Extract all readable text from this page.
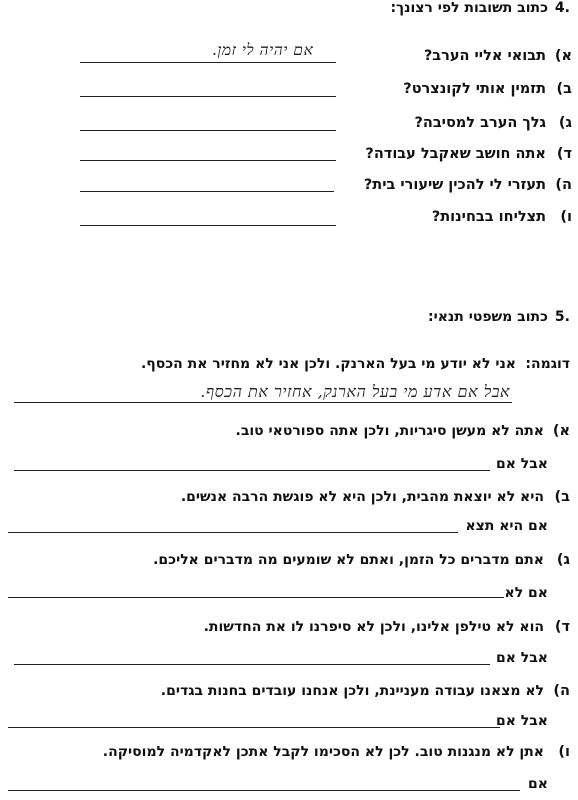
.4
כתוב תשובות לפי רצונך:
א)
תבואי אליי הערב?
אם יהיה לי זמן.
ב)
תזמין אותי לקונצרט?
ג)
גלך הערב למסיבה?
ד)
אתה חושב שאקבל עבודה?
ה)
תעזרי לי להכין שיעורי בית?
ו)
תצליחו בבחינות?
.5
כתוב משפטי תנאי:
דוגמה:
אני לא יודע מי בעל הארנק. ולכן אני לא מחזיר את הכסף.
אבל אם אדע מי בעל הארנק, אחזיר את הכסף.
א)
אתה לא מעשן סיגריות, ולכן אתה ספורטאי טוב.
אבל אם
ב)
היא לא יוצאת מהבית, ולכן היא לא פוגשת הרבה אנשים.
אם היא תצא
ג)
אתם מדברים כל הזמן, ואתם לא שומעים מה מדברים אליכם.
אם לא
ד)
הוא לא טילפן אלינו, ולכן לא סיפרנו לו את החדשות.
אבל אם
ה)
לא מצאנו עבודה מעניינת, ולכן אנחנו עובדים בחנות בגדים.
אבל אם
ו)
אתן לא מנגנות טוב. לכן לא הסכימו לקבל אתכן לאקדמיה למוסיקה.
אם
